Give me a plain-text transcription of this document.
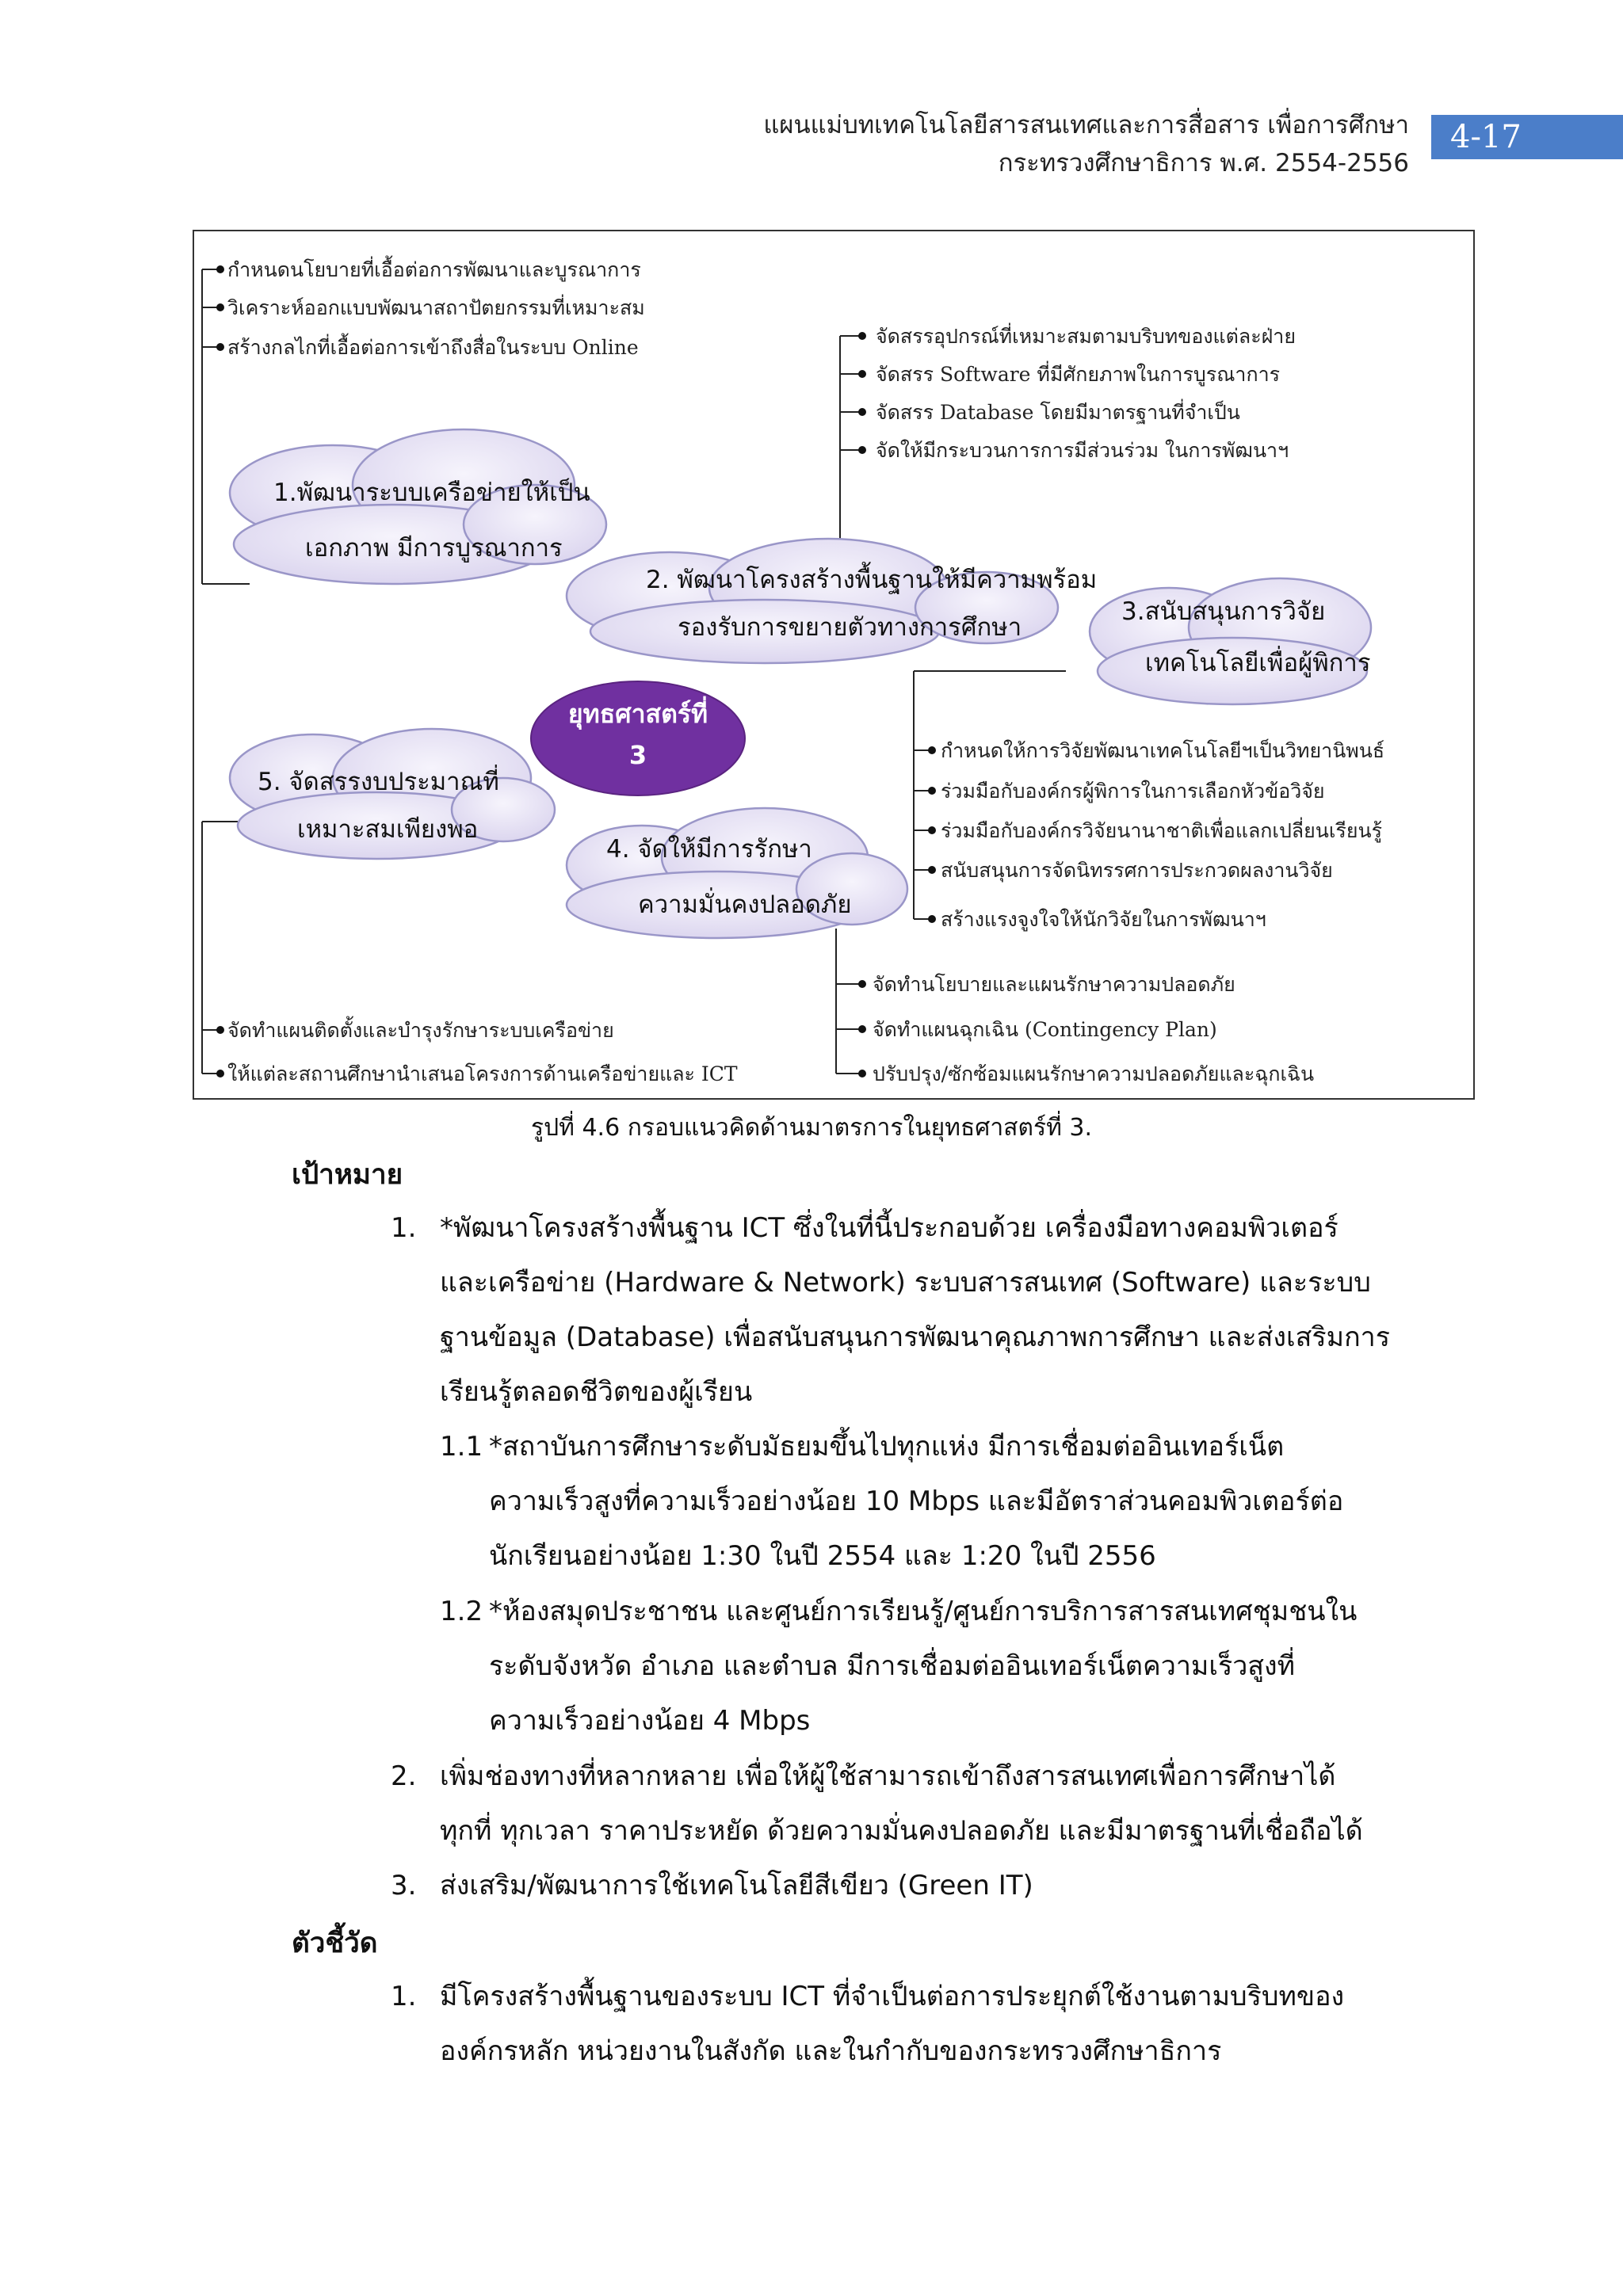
แผนแม่บทเทคโนโลยีสารสนเทศและการสื่อสาร เพื่อการศึกษา
กระทรวงศึกษาธิการ พ.ศ. 2554-2556
4-17
กำหนดนโยบายที่เอื้อต่อการพัฒนาและบูรณาการ
วิเคราะห์ออกแบบพัฒนาสถาปัตยกรรมที่เหมาะสม
สร้างกลไกที่เอื้อต่อการเข้าถึงสื่อในระบบ Online	จัดสรรอุปกรณ์ที่เหมาะสมตามบริบทของแต่ละฝ่าย
จัดสรร Software ที่มีศักยภาพในการบูรณาการ
จัดสรร Database โดยมีมาตรฐานที่จำเป็น
จัดให้มีกระบวนการการมีส่วนร่วม ในการพัฒนาฯ
กำหนดให้การวิจัยพัฒนาเทคโนโลยีฯเป็นวิทยานิพนธ์
ร่วมมือกับองค์กรผู้พิการในการเลือกหัวข้อวิจัย
ร่วมมือกับองค์กรวิจัยนานาชาติเพื่อแลกเปลี่ยนเรียนรู้
สนับสนุนการจัดนิทรรศการประกวดผลงานวิจัย
สร้างแรงจูงใจให้นักวิจัยในการพัฒนาฯ
จัดทำนโยบายและแผนรักษาความปลอดภัย
จัดทำแผนฉุกเฉิน (Contingency Plan)
ปรับปรุง/ซักซ้อมแผนรักษาความปลอดภัยและฉุกเฉิน
จัดทำแผนติดตั้งและบำรุงรักษาระบบเครือข่าย
ให้แต่ละสถานศึกษานำเสนอโครงการด้านเครือข่ายและ ICT
1.พัฒนาระบบเครือข่ายให้เป็น
เอกภาพ มีการบูรณาการ
2. พัฒนาโครงสร้างพื้นฐานให้มีความพร้อม
รองรับการขยายตัวทางการศึกษา
3.สนับสนุนการวิจัย
เทคโนโลยีเพื่อผู้พิการ
4. จัดให้มีการรักษา
ความมั่นคงปลอดภัย
5. จัดสรรงบประมาณที่
เหมาะสมเพียงพอ
ยุทธศาสตร์ที่
3
รูปที่ 4.6 กรอบแนวคิดด้านมาตรการในยุทธศาสตร์ที่ 3.
เป้าหมาย
1. *พัฒนาโครงสร้างพื้นฐาน ICT ซึ่งในที่นี้ประกอบด้วย เครื่องมือทางคอมพิวเตอร์
และเครือข่าย (Hardware & Network) ระบบสารสนเทศ (Software) และระบบ
ฐานข้อมูล (Database) เพื่อสนับสนุนการพัฒนาคุณภาพการศึกษา และส่งเสริมการ
เรียนรู้ตลอดชีวิตของผู้เรียน
1.1 *สถาบันการศึกษาระดับมัธยมขึ้นไปทุกแห่ง มีการเชื่อมต่ออินเทอร์เน็ต
ความเร็วสูงที่ความเร็วอย่างน้อย 10 Mbps และมีอัตราส่วนคอมพิวเตอร์ต่อ
นักเรียนอย่างน้อย 1:30 ในปี 2554 และ 1:20 ในปี 2556
1.2 *ห้องสมุดประชาชน และศูนย์การเรียนรู้/ศูนย์การบริการสารสนเทศชุมชนใน
ระดับจังหวัด อำเภอ และตำบล มีการเชื่อมต่ออินเทอร์เน็ตความเร็วสูงที่
ความเร็วอย่างน้อย 4 Mbps
2. เพิ่มช่องทางที่หลากหลาย เพื่อให้ผู้ใช้สามารถเข้าถึงสารสนเทศเพื่อการศึกษาได้
ทุกที่ ทุกเวลา ราคาประหยัด ด้วยความมั่นคงปลอดภัย และมีมาตรฐานที่เชื่อถือได้
3. ส่งเสริม/พัฒนาการใช้เทคโนโลยีสีเขียว (Green IT)
ตัวชี้วัด
1. มีโครงสร้างพื้นฐานของระบบ ICT ที่จำเป็นต่อการประยุกต์ใช้งานตามบริบทของ
องค์กรหลัก หน่วยงานในสังกัด และในกำกับของกระทรวงศึกษาธิการ
